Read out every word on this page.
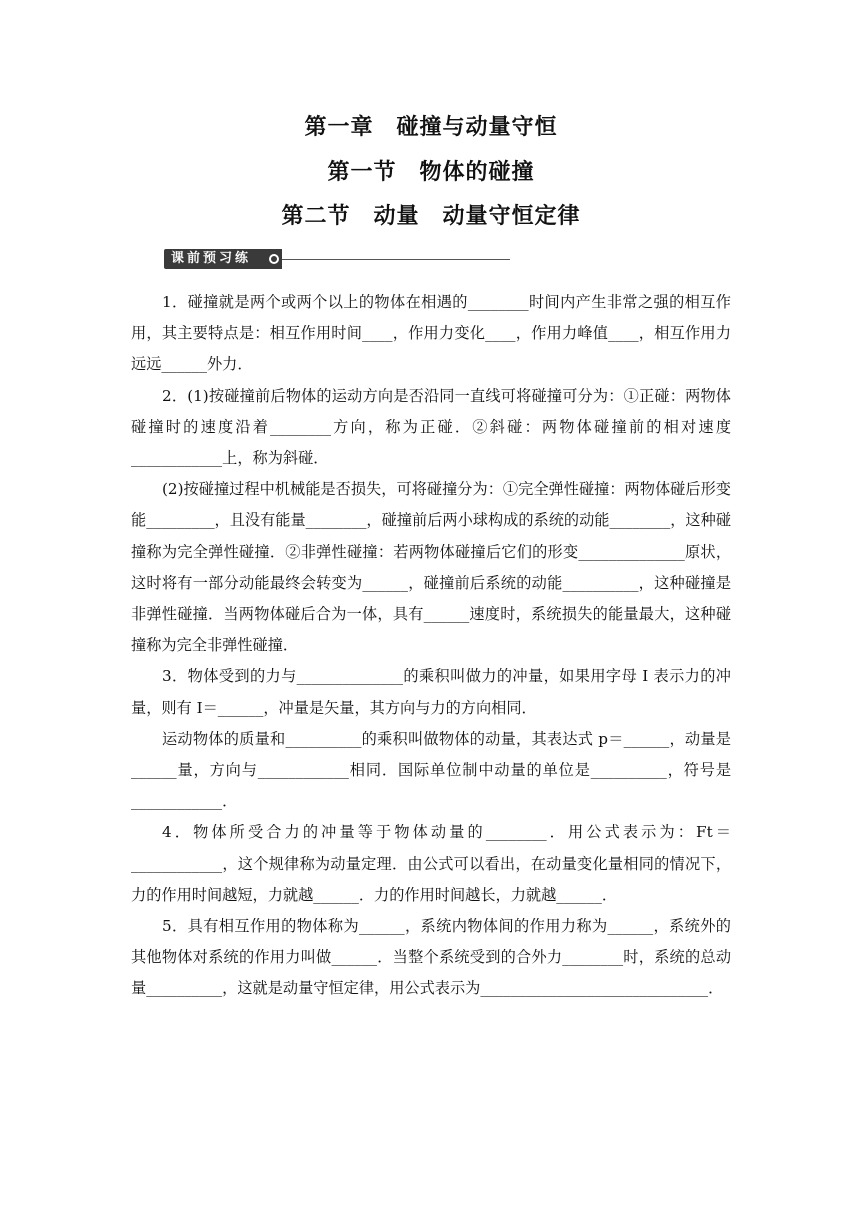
第一章　碰撞与动量守恒
第一节　物体的碰撞
第二节　动量　动量守恒定律
课前预习练

1．碰撞就是两个或两个以上的物体在相遇的________时间内产生非常之强的相互作用，其主要特点是：相互作用时间____，作用力变化____，作用力峰值____，相互作用力远远______外力．

2．(1)按碰撞前后物体的运动方向是否沿同一直线可将碰撞可分为：①正碰：两物体碰撞时的速度沿着________方向，称为正碰．②斜碰：两物体碰撞前的相对速度____________上，称为斜碰．

(2)按碰撞过程中机械能是否损失，可将碰撞分为：①完全弹性碰撞：两物体碰后形变能_________，且没有能量________，碰撞前后两小球构成的系统的动能________，这种碰撞称为完全弹性碰撞．②非弹性碰撞：若两物体碰撞后它们的形变______________原状，这时将有一部分动能最终会转变为______，碰撞前后系统的动能__________，这种碰撞是非弹性碰撞．当两物体碰后合为一体，具有______速度时，系统损失的能量最大，这种碰撞称为完全非弹性碰撞．

3．物体受到的力与______________的乘积叫做力的冲量，如果用字母 I 表示力的冲量，则有 I＝______，冲量是矢量，其方向与力的方向相同．

运动物体的质量和__________的乘积叫做物体的动量，其表达式 p＝______，动量是______量，方向与____________相同．国际单位制中动量的单位是__________，符号是____________．

4．物体所受合力的冲量等于物体动量的________．用公式表示为：Ft＝____________，这个规律称为动量定理．由公式可以看出，在动量变化量相同的情况下，力的作用时间越短，力就越______．力的作用时间越长，力就越______．

5．具有相互作用的物体称为______，系统内物体间的作用力称为______，系统外的其他物体对系统的作用力叫做______．当整个系统受到的合外力________时，系统的总动量__________，这就是动量守恒定律，用公式表示为______________________________．
